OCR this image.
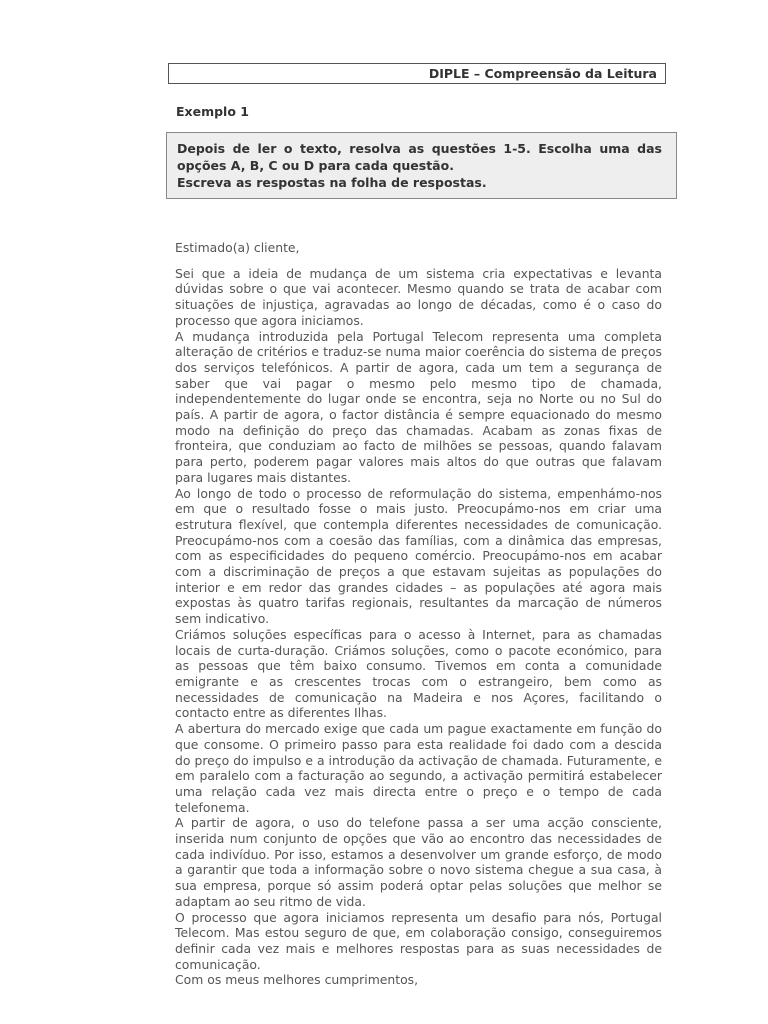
DIPLE – Compreensão da Leitura
Exemplo 1
Depois de ler o texto, resolva as questões 1-5. Escolha uma das opções A, B, C ou D para cada questão.
Escreva as respostas na folha de respostas.

Estimado(a) cliente,

Sei que a ideia de mudança de um sistema cria expectativas e levanta dúvidas sobre o que vai acontecer. Mesmo quando se trata de acabar com situações de injustiça, agravadas ao longo de décadas, como é o caso do processo que agora iniciamos.

A mudança introduzida pela Portugal Telecom representa uma completa alteração de critérios e traduz-se numa maior coerência do sistema de preços dos serviços telefónicos. A partir de agora, cada um tem a segurança de saber que vai pagar o mesmo pelo mesmo tipo de chamada, independentemente do lugar onde se encontra, seja no Norte ou no Sul do país. A partir de agora, o factor distância é sempre equacionado do mesmo modo na definição do preço das chamadas. Acabam as zonas fixas de fronteira, que conduziam ao facto de milhões se pessoas, quando falavam para perto, poderem pagar valores mais altos do que outras que falavam para lugares mais distantes.

Ao longo de todo o processo de reformulação do sistema, empenhámo-nos em que o resultado fosse o mais justo. Preocupámo-nos em criar uma estrutura flexível, que contempla diferentes necessidades de comunicação. Preocupámo-nos com a coesão das famílias, com a dinâmica das empresas, com as especificidades do pequeno comércio. Preocupámo-nos em acabar com a discriminação de preços a que estavam sujeitas as populações do interior e em redor das grandes cidades – as populações até agora mais expostas às quatro tarifas regionais, resultantes da marcação de números sem indicativo.

Criámos soluções específicas para o acesso à Internet, para as chamadas locais de curta-duração. Criámos soluções, como o pacote económico, para as pessoas que têm baixo consumo. Tivemos em conta a comunidade emigrante e as crescentes trocas com o estrangeiro, bem como as necessidades de comunicação na Madeira e nos Açores, facilitando o contacto entre as diferentes Ilhas.

A abertura do mercado exige que cada um pague exactamente em função do que consome. O primeiro passo para esta realidade foi dado com a descida do preço do impulso e a introdução da activação de chamada. Futuramente, e em paralelo com a facturação ao segundo, a activação permitirá estabelecer uma relação cada vez mais directa entre o preço e o tempo de cada telefonema.

A partir de agora, o uso do telefone passa a ser uma acção consciente, inserida num conjunto de opções que vão ao encontro das necessidades de cada indivíduo. Por isso, estamos a desenvolver um grande esforço, de modo a garantir que toda a informação sobre o novo sistema chegue a sua casa, à sua empresa, porque só assim poderá optar pelas soluções que melhor se adaptam ao seu ritmo de vida.

O processo que agora iniciamos representa um desafio para nós, Portugal Telecom. Mas estou seguro de que, em colaboração consigo, conseguiremos definir cada vez mais e melhores respostas para as suas necessidades de comunicação.

Com os meus melhores cumprimentos,
